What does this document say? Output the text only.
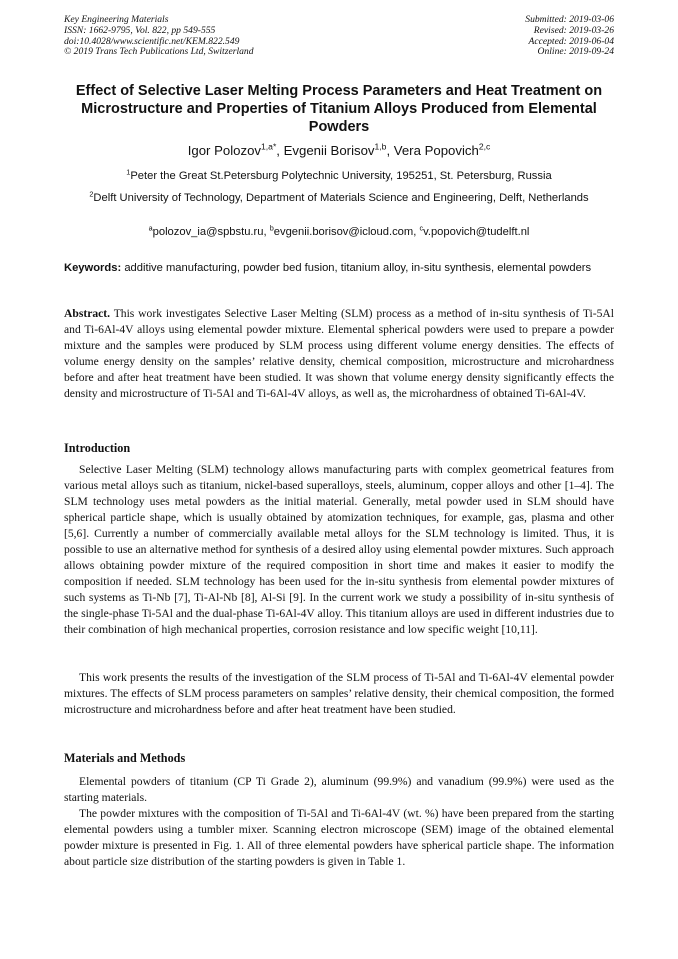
Key Engineering Materials
ISSN: 1662-9795, Vol. 822, pp 549-555
doi:10.4028/www.scientific.net/KEM.822.549
© 2019 Trans Tech Publications Ltd, Switzerland
Submitted: 2019-03-06
Revised: 2019-03-26
Accepted: 2019-06-04
Online: 2019-09-24
Effect of Selective Laser Melting Process Parameters and Heat Treatment on Microstructure and Properties of Titanium Alloys Produced from Elemental Powders
Igor Polozov$^{1,a*}$, Evgenii Borisov$^{1,b}$, Vera Popovich$^{2,c}$
$^1$Peter the Great St.Petersburg Polytechnic University, 195251, St. Petersburg, Russia
$^2$Delft University of Technology, Department of Materials Science and Engineering, Delft, Netherlands
$^a$polozov_ia@spbstu.ru, $^b$evgenii.borisov@icloud.com, $^c$v.popovich@tudelft.nl
Keywords: additive manufacturing, powder bed fusion, titanium alloy, in-situ synthesis, elemental powders

Abstract. This work investigates Selective Laser Melting (SLM) process as a method of in-situ synthesis of Ti-5Al and Ti-6Al-4V alloys using elemental powder mixture. Elemental spherical powders were used to prepare a powder mixture and the samples were produced by SLM process using different volume energy densities. The effects of volume energy density on the samples’ relative density, chemical composition, microstructure and microhardness before and after heat treatment have been studied. It was shown that volume energy density significantly effects the density and microstructure of Ti-5Al and Ti-6Al-4V alloys, as well as, the microhardness of obtained Ti-6Al-4V.

Introduction

Selective Laser Melting (SLM) technology allows manufacturing parts with complex geometrical features from various metal alloys such as titanium, nickel-based superalloys, steels, aluminum, copper alloys and other [1–4]. The SLM technology uses metal powders as the initial material. Generally, metal powder used in SLM should have spherical particle shape, which is usually obtained by atomization techniques, for example, gas, plasma and other [5,6]. Currently a number of commercially available metal alloys for the SLM technology is limited. Thus, it is possible to use an alternative method for synthesis of a desired alloy using elemental powder mixtures. Such approach allows obtaining powder mixture of the required composition in short time and makes it easier to modify the composition if needed. SLM technology has been used for the in-situ synthesis from elemental powder mixtures of such systems as Ti-Nb [7], Ti-Al-Nb [8], Al-Si [9]. In the current work we study a possibility of in-situ synthesis of the single-phase Ti-5Al and the dual-phase Ti-6Al-4V alloy. This titanium alloys are used in different industries due to their combination of high mechanical properties, corrosion resistance and low specific weight [10,11].

This work presents the results of the investigation of the SLM process of Ti-5Al and Ti-6Al-4V elemental powder mixtures. The effects of SLM process parameters on samples’ relative density, their chemical composition, the formed microstructure and microhardness before and after heat treatment have been studied.

Materials and Methods

Elemental powders of titanium (CP Ti Grade 2), aluminum (99.9%) and vanadium (99.9%) were used as the starting materials.

The powder mixtures with the composition of Ti-5Al and Ti-6Al-4V (wt. %) have been prepared from the starting elemental powders using a tumbler mixer. Scanning electron microscope (SEM) image of the obtained elemental powder mixture is presented in Fig. 1. All of three elemental powders have spherical particle shape. The information about particle size distribution of the starting powders is given in Table 1.
